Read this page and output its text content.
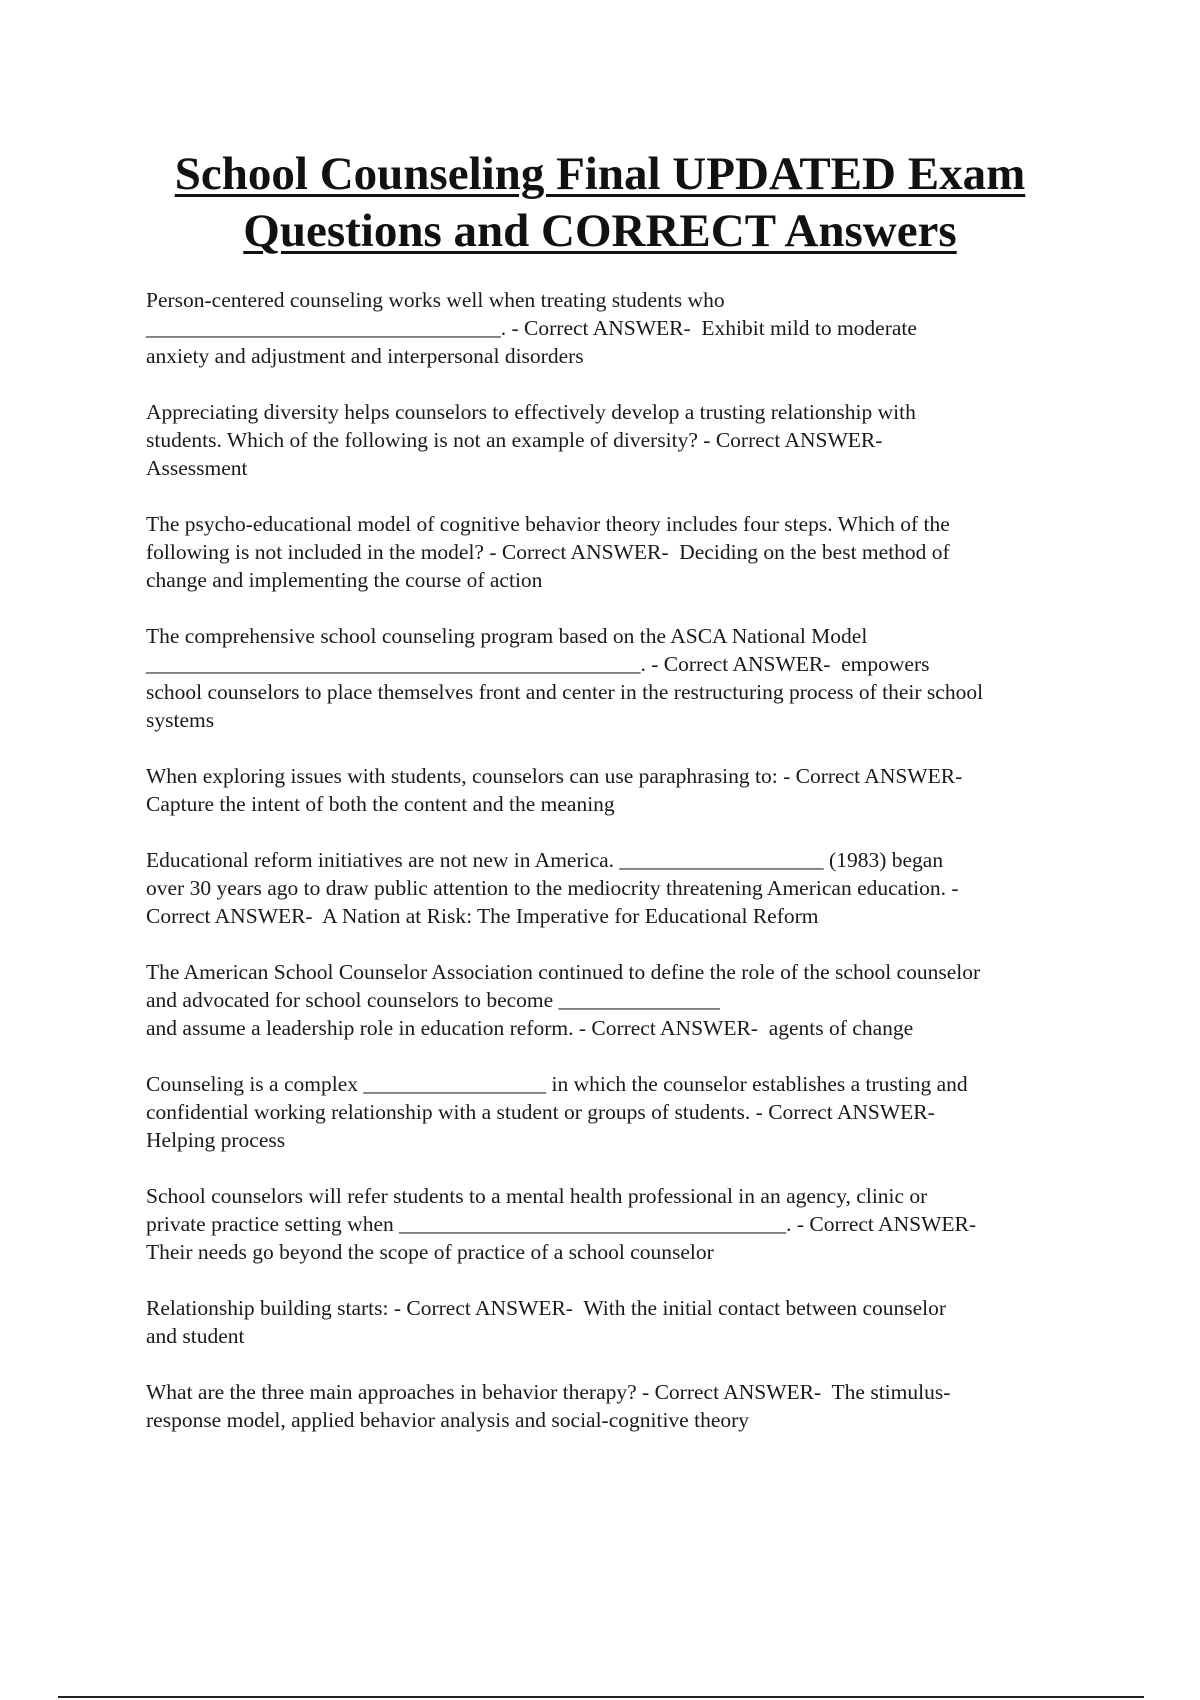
School Counseling Final UPDATED Exam
Questions and CORRECT Answers

Person-centered counseling works well when treating students who
_________________________________. - Correct ANSWER-  Exhibit mild to moderate
anxiety and adjustment and interpersonal disorders

Appreciating diversity helps counselors to effectively develop a trusting relationship with
students. Which of the following is not an example of diversity? - Correct ANSWER-
Assessment

The psycho-educational model of cognitive behavior theory includes four steps. Which of the
following is not included in the model? - Correct ANSWER-  Deciding on the best method of
change and implementing the course of action

The comprehensive school counseling program based on the ASCA National Model
______________________________________________. - Correct ANSWER-  empowers
school counselors to place themselves front and center in the restructuring process of their school
systems

When exploring issues with students, counselors can use paraphrasing to: - Correct ANSWER-
Capture the intent of both the content and the meaning

Educational reform initiatives are not new in America. ___________________ (1983) began
over 30 years ago to draw public attention to the mediocrity threatening American education. -
Correct ANSWER-  A Nation at Risk: The Imperative for Educational Reform

The American School Counselor Association continued to define the role of the school counselor
and advocated for school counselors to become _______________
and assume a leadership role in education reform. - Correct ANSWER-  agents of change

Counseling is a complex _________________ in which the counselor establishes a trusting and
confidential working relationship with a student or groups of students. - Correct ANSWER-
Helping process

School counselors will refer students to a mental health professional in an agency, clinic or
private practice setting when ____________________________________. - Correct ANSWER-
Their needs go beyond the scope of practice of a school counselor

Relationship building starts: - Correct ANSWER-  With the initial contact between counselor
and student

What are the three main approaches in behavior therapy? - Correct ANSWER-  The stimulus-
response model, applied behavior analysis and social-cognitive theory
